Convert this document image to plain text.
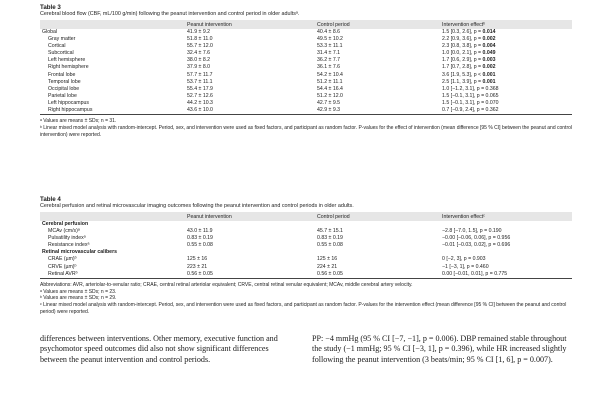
Table 3
Cerebral blood flow (CBF, mL/100 g/min) following the peanut intervention and control period in older adultsᵃ.
	Peanut intervention	Control period	Intervention effectᵇ
Global	41.9 ± 9.2	40.4 ± 8.6	1.5 [0.3, 2.6], p = 0.014
Gray matter	51.8 ± 11.0	49.5 ± 10.2	2.2 [0.9, 3.6], p = 0.002
Cortical	55.7 ± 12.0	53.3 ± 11.1	2.3 [0.8, 3.8], p = 0.004
Subcortical	32.4 ± 7.6	31.4 ± 7.1	1.0 [0.0, 2.1], p = 0.049
Left hemisphere	38.0 ± 8.2	36.2 ± 7.7	1.7 [0.6, 2.9], p = 0.003
Right hemisphere	37.9 ± 8.0	36.1 ± 7.6	1.7 [0.7, 2.8], p = 0.002
Frontal lobe	57.7 ± 11.7	54.2 ± 10.4	3.6 [1.9, 5.3], p < 0.001
Temporal lobe	53.7 ± 11.1	51.2 ± 11.1	2.5 [1.1, 3.9], p = 0.001
Occipital lobe	55.4 ± 17.9	54.4 ± 16.4	1.0 [−1.2, 3.1], p = 0.368
Parietal lobe	52.7 ± 12.6	51.2 ± 12.0	1.5 [−0.1, 3.1], p = 0.065
Left hippocampus	44.2 ± 10.3	42.7 ± 9.5	1.5 [−0.1, 3.1], p = 0.070
Right hippocampus	43.6 ± 10.0	42.9 ± 9.3	0.7 [−0.9, 2.4], p = 0.362
ᵃ Values are means ± SDs; n = 31.
ᵇ Linear mixed model analysis with random-intercept. Period, sex, and intervention were used as fixed factors, and participant as random factor. P-values for the effect of intervention (mean difference [95 % CI] between the peanut and control intervention) were reported.
Table 4
Cerebral perfusion and retinal microvascular imaging outcomes following the peanut intervention and control periods in older adults.
	Peanut intervention	Control period	Intervention effectᶜ
Cerebral perfusion			
MCAv (cm/s)ᵃ	43.0 ± 11.9	45.7 ± 15.1	−2.8 [−7.0, 1.5], p = 0.190
Pulsatility indexᵃ	0.83 ± 0.19	0.83 ± 0.19	−0.00 [−0.06, 0.06], p = 0.956
Resistance indexᵃ	0.55 ± 0.08	0.55 ± 0.08	−0.01 [−0.03, 0.02], p = 0.696
Retinal microvascular calibers			
CRAE (µm)ᵇ	125 ± 16	125 ± 16	0 [−2, 3], p = 0.903
CRVE (µm)ᵇ	223 ± 21	224 ± 21	−1 [−3, 1], p = 0.460
Retinal AVRᵇ	0.56 ± 0.05	0.56 ± 0.05	0.00 [−0.01, 0.01], p = 0.775
Abbreviations: AVR, arteriolar-to-venular ratio; CRAE, central retinal arteriolar equivalent; CRVE, central retinal venular equivalent; MCAv, middle cerebral artery velocity.
ᵃ Values are means ± SDs; n = 23.
ᵇ Values are means ± SDs; n = 29.
ᶜ Linear mixed model analysis with random-intercept. Period, sex, and intervention were used as fixed factors, and participant as random factor. P-values for the intervention effect (mean difference [95 % CI] between the peanut and control period) were reported.
differences between interventions. Other memory, executive function and psychomotor speed outcomes did also not show significant differences between the peanut intervention and control periods.
PP: −4 mmHg (95 % CI [−7, −1], p = 0.006). DBP remained stable throughout the study (−1 mmHg; 95 % CI [−3, 1], p = 0.396), while HR increased slightly following the peanut intervention (3 beats/min; 95 % CI [1, 6], p = 0.007).
